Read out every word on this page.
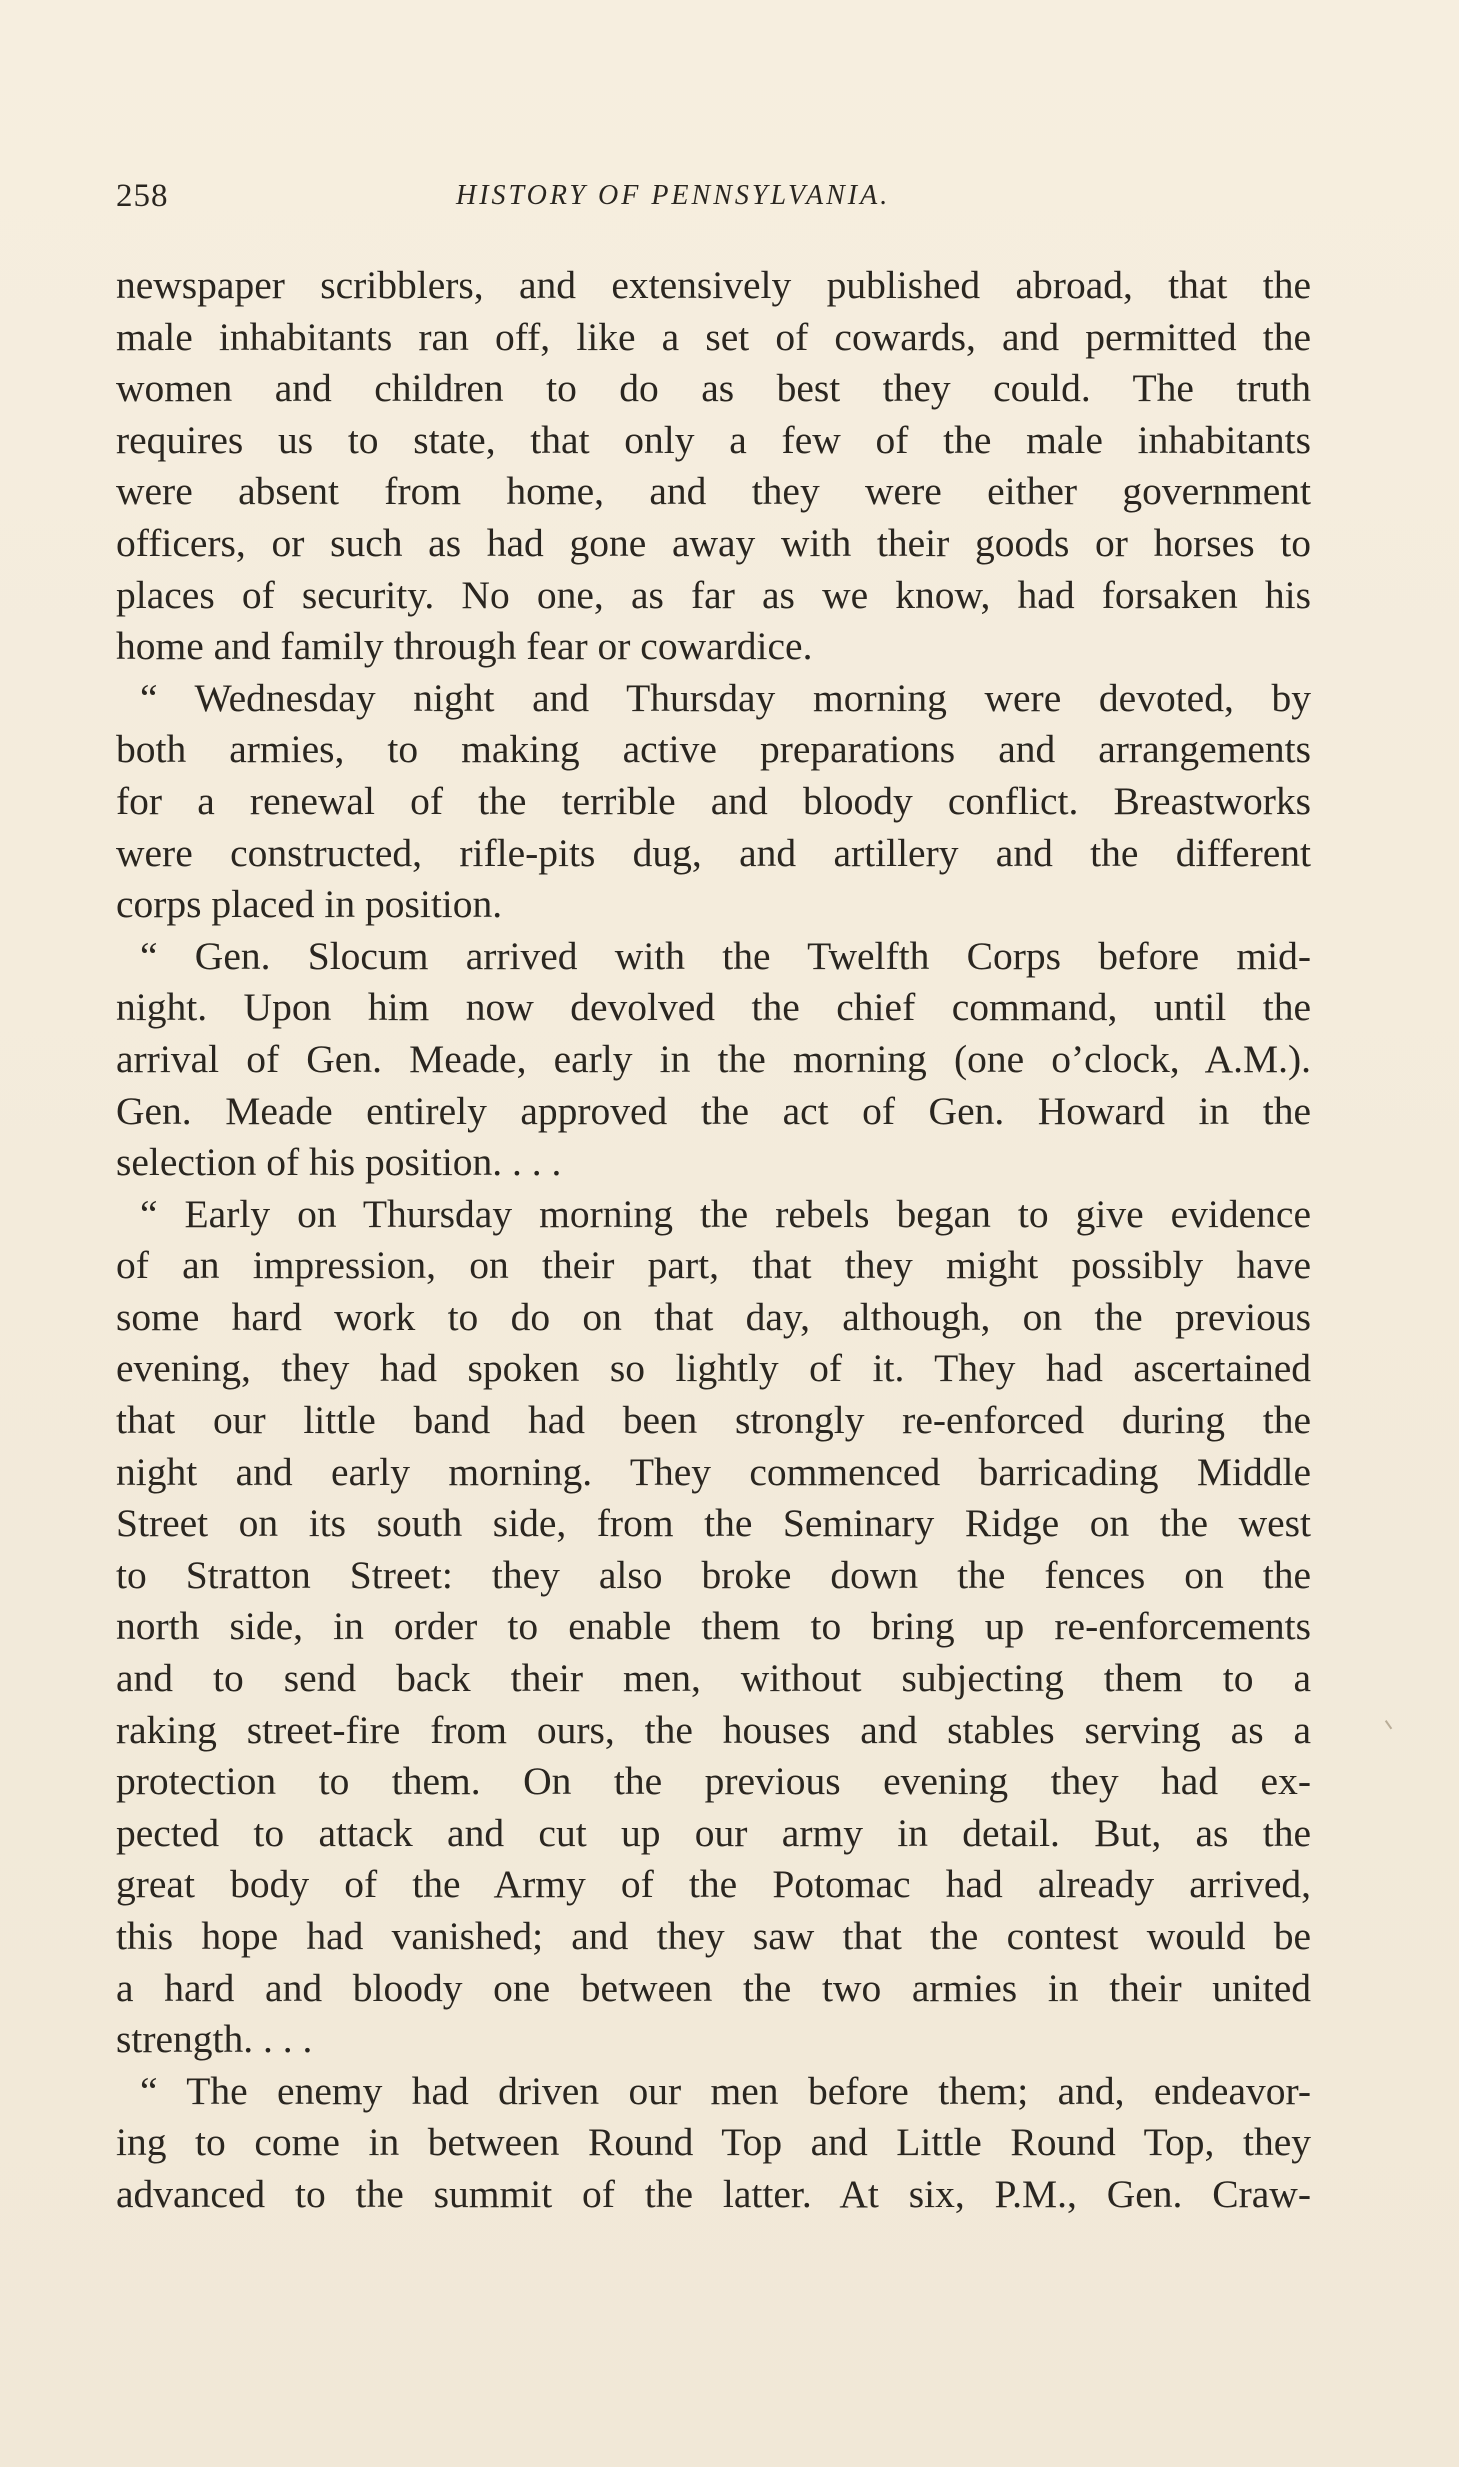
258	HISTORY OF PENNSYLVANIA.
newspaper scribblers, and extensively published abroad, that the
male inhabitants ran off, like a set of cowards, and permitted the
women and children to do as best they could. The truth
requires us to state, that only a few of the male inhabitants
were absent from home, and they were either government
officers, or such as had gone away with their goods or horses to
places of security. No one, as far as we know, had forsaken his
home and family through fear or cowardice.
“ Wednesday night and Thursday morning were devoted, by
both armies, to making active preparations and arrangements
for a renewal of the terrible and bloody conflict. Breastworks
were constructed, rifle-pits dug, and artillery and the different
corps placed in position.
“ Gen. Slocum arrived with the Twelfth Corps before mid-
night. Upon him now devolved the chief command, until the
arrival of Gen. Meade, early in the morning (one o’clock, A.M.).
Gen. Meade entirely approved the act of Gen. Howard in the
selection of his position. . . .
“ Early on Thursday morning the rebels began to give evidence
of an impression, on their part, that they might possibly have
some hard work to do on that day, although, on the previous
evening, they had spoken so lightly of it. They had ascertained
that our little band had been strongly re-enforced during the
night and early morning. They commenced barricading Middle
Street on its south side, from the Seminary Ridge on the west
to Stratton Street: they also broke down the fences on the
north side, in order to enable them to bring up re-enforcements
and to send back their men, without subjecting them to a
raking street-fire from ours, the houses and stables serving as a
protection to them. On the previous evening they had ex-
pected to attack and cut up our army in detail. But, as the
great body of the Army of the Potomac had already arrived,
this hope had vanished; and they saw that the contest would be
a hard and bloody one between the two armies in their united
strength. . . .
“ The enemy had driven our men before them; and, endeavor-
ing to come in between Round Top and Little Round Top, they
advanced to the summit of the latter. At six, P.M., Gen. Craw-
